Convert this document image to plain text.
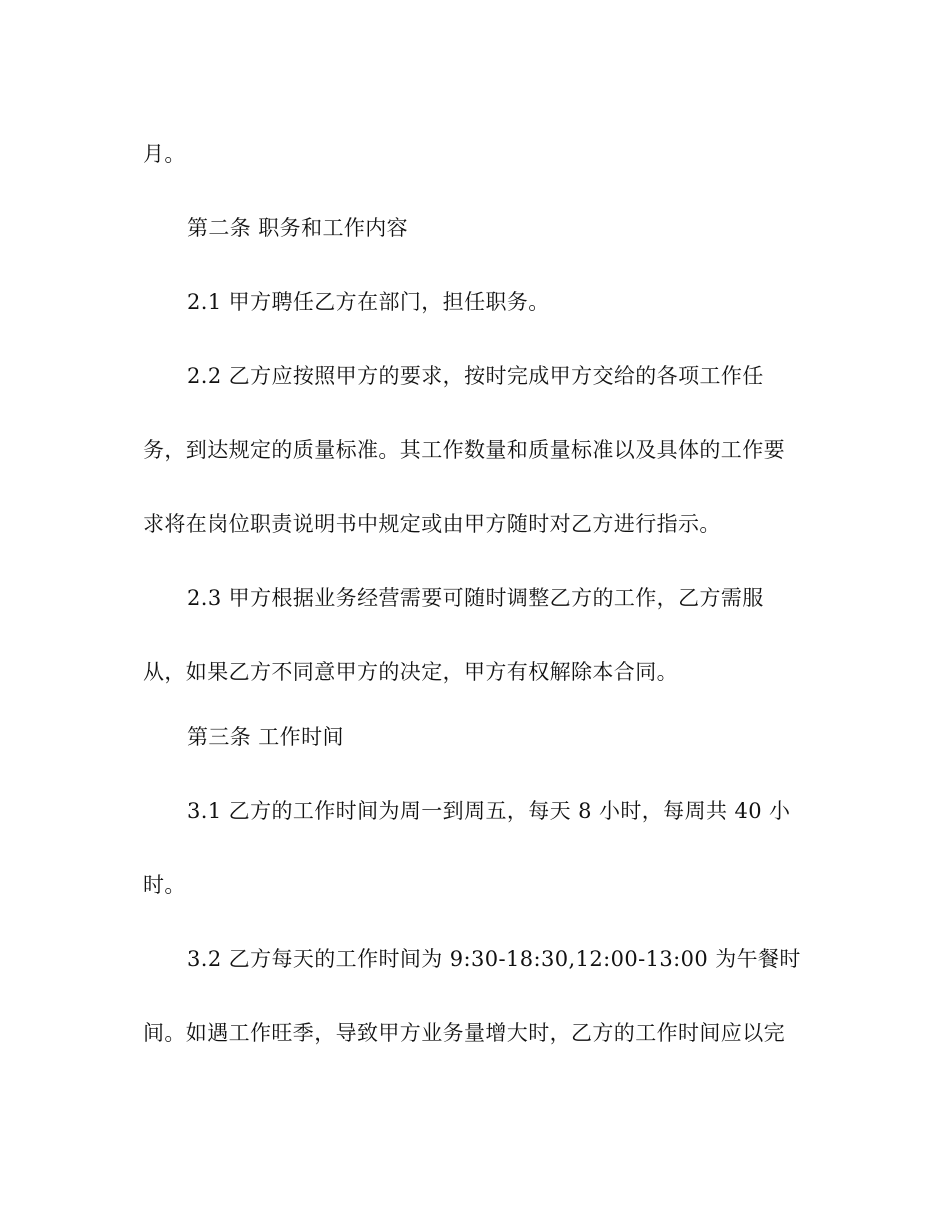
月。
第二条 职务和工作内容
2.1 甲方聘任乙方在部门，担任职务。
2.2 乙方应按照甲方的要求，按时完成甲方交给的各项工作任
务，到达规定的质量标准。其工作数量和质量标准以及具体的工作要
求将在岗位职责说明书中规定或由甲方随时对乙方进行指示。
2.3 甲方根据业务经营需要可随时调整乙方的工作，乙方需服
从，如果乙方不同意甲方的决定，甲方有权解除本合同。
第三条 工作时间
3.1 乙方的工作时间为周一到周五，每天 8 小时，每周共 40 小
时。
3.2 乙方每天的工作时间为 9:30-18:30,12:00-13:00 为午餐时
间。如遇工作旺季，导致甲方业务量增大时，乙方的工作时间应以完
